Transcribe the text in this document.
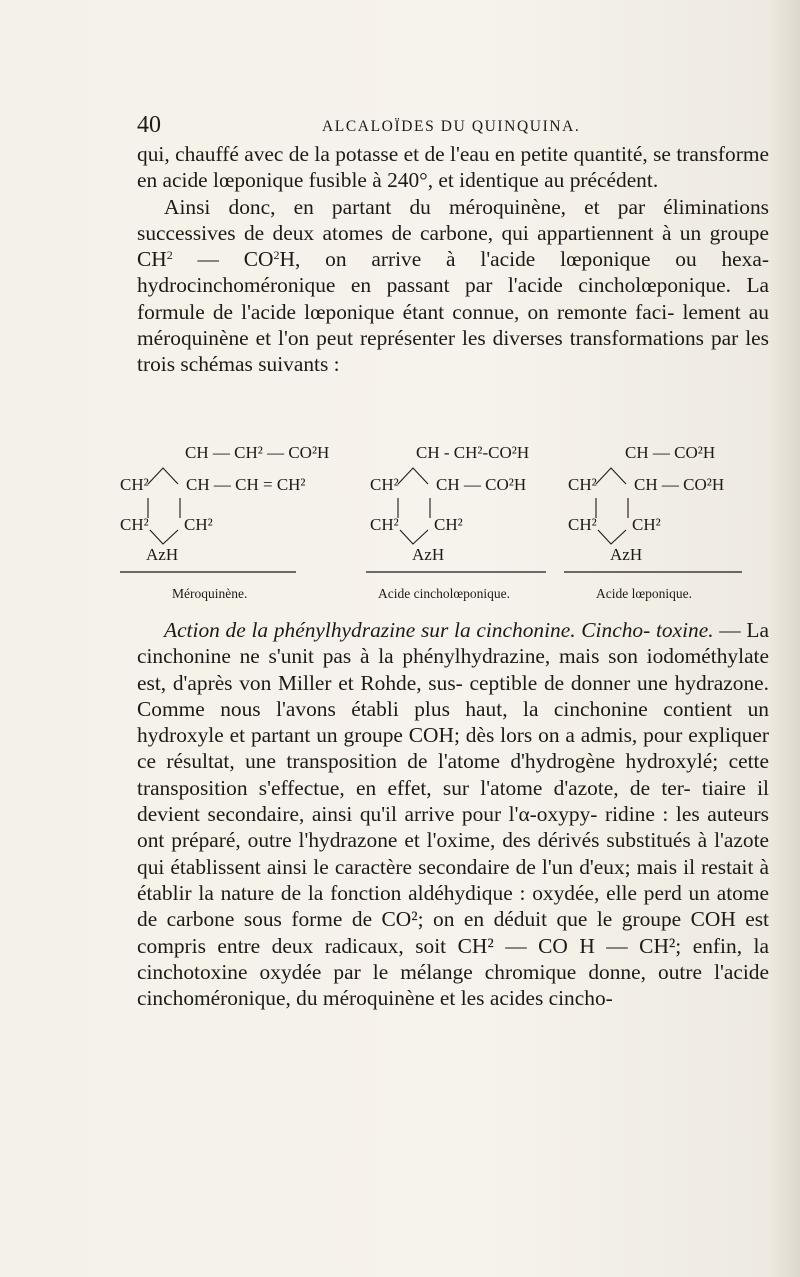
40	ALCALOÏDES DU QUINQUINA.

qui, chauffé avec de la potasse et de l'eau en petite quantité, se transforme en acide lœponique fusible à 240°, et identique au précédent.

Ainsi donc, en partant du méroquinène, et par éliminations successives de deux atomes de carbone, qui appartiennent à un groupe $CH^2$ — $CO^2H$, on arrive à l'acide lœponique ou hexa- hydrocinchoméronique en passant par l'acide cincholœponique. La formule de l'acide lœponique étant connue, on remonte faci- lement au méroquinène et l'on peut représenter les diverses transformations par les trois schémas suivants :

CH — CH² — CO²H
CH² CH — CH = CH²
CH² CH²
AzH
CH - CH²-CO²H
CH² CH — CO²H
CH² CH²
AzH
CH — CO²H
CH² CH — CO²H
CH² CH²
AzH
Méroquinène.	Acide cincholœponique.	Acide lœponique.

Action de la phénylhydrazine sur la cinchonine. Cincho- toxine. — La cinchonine ne s'unit pas à la phénylhydrazine, mais son iodométhylate est, d'après von Miller et Rohde, sus- ceptible de donner une hydrazone. Comme nous l'avons établi plus haut, la cinchonine contient un hydroxyle et partant un groupe COH; dès lors on a admis, pour expliquer ce résultat, une transposition de l'atome d'hydrogène hydroxylé; cette transposition s'effectue, en effet, sur l'atome d'azote, de ter- tiaire il devient secondaire, ainsi qu'il arrive pour l'α-oxypy- ridine : les auteurs ont préparé, outre l'hydrazone et l'oxime, des dérivés substitués à l'azote qui établissent ainsi le caractère secondaire de l'un d'eux; mais il restait à établir la nature de la fonction aldéhydique : oxydée, elle perd un atome de carbone sous forme de CO²; on en déduit que le groupe COH est compris entre deux radicaux, soit CH² — CO H — CH²; enfin, la cinchotoxine oxydée par le mélange chromique donne, outre l'acide cinchoméronique, du méroquinène et les acides cincho-
